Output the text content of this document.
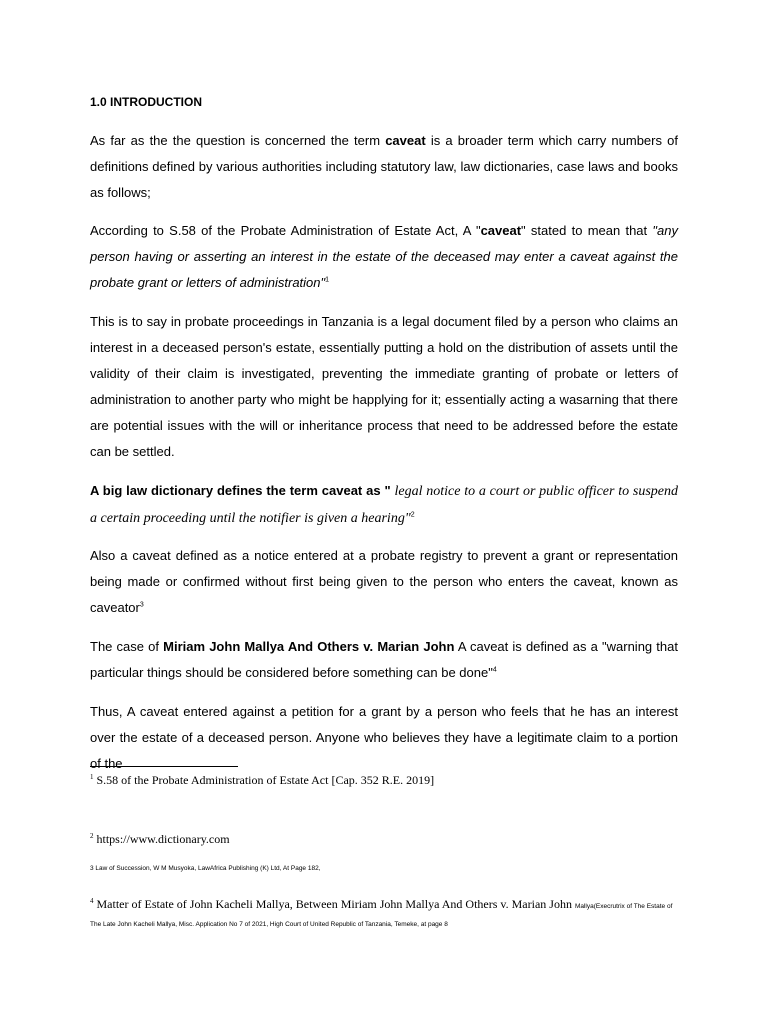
1.0 INTRODUCTION

As far as the the question is concerned the term caveat is a broader term which carry numbers of definitions defined by various authorities including statutory law, law dictionaries, case laws and books as follows;

According to S.58 of the Probate Administration of Estate Act, A "caveat" stated to mean that "any person having or asserting an interest in the estate of the deceased may enter a caveat against the probate grant or letters of administration"$^1$

This is to say in probate proceedings in Tanzania is a legal document filed by a person who claims an interest in a deceased person's estate, essentially putting a hold on the distribution of assets until the validity of their claim is investigated, preventing the immediate granting of probate or letters of administration to another party who might be happlying for it; essentially acting a wasarning that there are potential issues with the will or inheritance process that need to be addressed before the estate can be settled.

A big law dictionary defines the term caveat as " legal notice to a court or public officer to suspend a certain proceeding until the notifier is given a hearing"$^2$

Also a caveat defined as a notice entered at a probate registry to prevent a grant or representation being made or confirmed without first being given to the person who enters the caveat, known as caveator$^3$

The case of Miriam John Mallya And Others v. Marian John A caveat is defined as a "warning that particular things should be considered before something can be done"$^4$

Thus, A caveat entered against a petition for a grant by a person who feels that he has an interest over the estate of a deceased person. Anyone who believes they have a legitimate claim to a portion of the

$^1$ S.58 of the Probate Administration of Estate Act [Cap. 352 R.E. 2019]

$^2$ https://www.dictionary.com

3 Law of Succession, W M Musyoka, LawAfrica Publishing (K) Ltd, At Page 182,

$^4$ Matter of Estate of John Kacheli Mallya, Between Miriam John Mallya And Others v. Marian John Mallya(Execrutrix of The Estate of The Late John Kacheli Mallya, Misc. Application No 7 of 2021, High Court of United Republic of Tanzania, Temeke, at page 8
